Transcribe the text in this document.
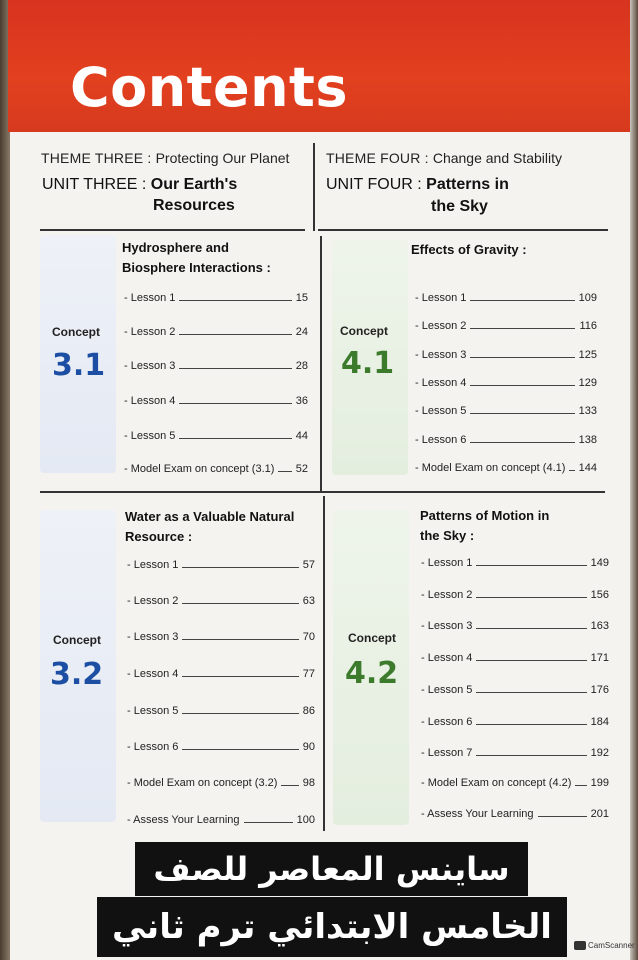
Contents
THEME THREE : Protecting Our Planet
UNIT THREE : Our Earth's
Resources
THEME FOUR : Change and Stability
UNIT FOUR : Patterns in
the Sky
Concept
3.1
Hydrosphere and
Biosphere Interactions :
- Lesson 1	15
- Lesson 2	24
- Lesson 3	28
- Lesson 4	36
- Lesson 5	44
- Model Exam on concept (3.1) 52
Concept
4.1
Effects of Gravity :
- Lesson 1	109
- Lesson 2	116
- Lesson 3	125
- Lesson 4	129
- Lesson 5	133
- Lesson 6	138
- Model Exam on concept (4.1) 144
Concept
3.2
Water as a Valuable Natural
Resource :
- Lesson 1	57
- Lesson 2	63
- Lesson 3	70
- Lesson 4	77
- Lesson 5	86
- Lesson 6	90
- Model Exam on concept (3.2) 98
- Assess Your Learning	100
Concept
4.2
Patterns of Motion in
the Sky :
- Lesson 1	149
- Lesson 2	156
- Lesson 3	163
- Lesson 4	171
- Lesson 5	176
- Lesson 6	184
- Lesson 7	192
- Model Exam on concept (4.2) 199
- Assess Your Learning	201
ساينس المعاصر للصف
الخامس الابتدائي ترم ثاني	CamScanner
